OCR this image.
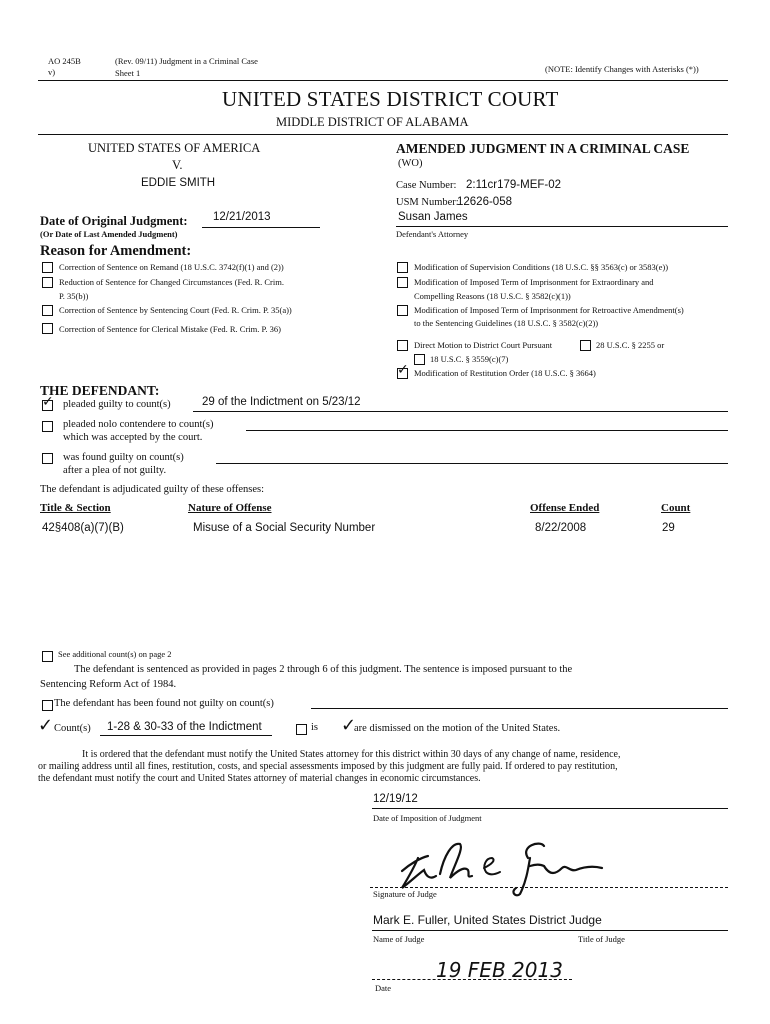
AO 245B
v)
(Rev. 09/11) Judgment in a Criminal Case
Sheet 1	(NOTE: Identify Changes with Asterisks (*))
UNITED STATES DISTRICT COURT
MIDDLE DISTRICT OF ALABAMA
UNITED STATES OF AMERICA
V.
EDDIE SMITH
AMENDED JUDGMENT IN A CRIMINAL CASE
(WO)
Case Number: 2:11cr179-MEF-02
USM Number:
12626-058
Susan James
Defendant's Attorney
Date of Original Judgment: 12/21/2013
(Or Date of Last Amended Judgment)
Reason for Amendment:
Correction of Sentence on Remand (18 U.S.C. 3742(f)(1) and (2))
Reduction of Sentence for Changed Circumstances (Fed. R. Crim.
P. 35(b))
Correction of Sentence by Sentencing Court (Fed. R. Crim. P. 35(a))
Correction of Sentence for Clerical Mistake (Fed. R. Crim. P. 36)
Modification of Supervision Conditions (18 U.S.C. §§ 3563(c) or 3583(e))
Modification of Imposed Term of Imprisonment for Extraordinary and
Compelling Reasons (18 U.S.C. § 3582(c)(1))
Modification of Imposed Term of Imprisonment for Retroactive Amendment(s)
to the Sentencing Guidelines (18 U.S.C. § 3582(c)(2))
Direct Motion to District Court Pursuant	28 U.S.C. § 2255 or
18 U.S.C. § 3559(c)(7)
✓
Modification of Restitution Order (18 U.S.C. § 3664)
THE DEFENDANT:
✓
pleaded guilty to count(s)	29 of the Indictment on 5/23/12
pleaded nolo contendere to count(s)
which was accepted by the court.
was found guilty on count(s)
after a plea of not guilty.
The defendant is adjudicated guilty of these offenses:
Title & Section	Nature of Offense	Offense Ended	Count
42§408(a)(7)(B)	Misuse of a Social Security Number	8/22/2008	29
See additional count(s) on page 2
The defendant is sentenced as provided in pages 2 through 6 of this judgment. The sentence is imposed pursuant to the
Sentencing Reform Act of 1984.
The defendant has been found not guilty on count(s)
✓ Count(s) 1-28 & 30-33 of the Indictment	is ✓
are dismissed on the motion of the United States.
It is ordered that the defendant must notify the United States attorney for this district within 30 days of any change of name, residence,
or mailing address until all fines, restitution, costs, and special assessments imposed by this judgment are fully paid. If ordered to pay restitution,
the defendant must notify the court and United States attorney of material changes in economic circumstances.
12/19/12
Date of Imposition of Judgment
Signature of Judge
Mark E. Fuller, United States District Judge
Name of Judge	Title of Judge
19 FEB 2013
Date
